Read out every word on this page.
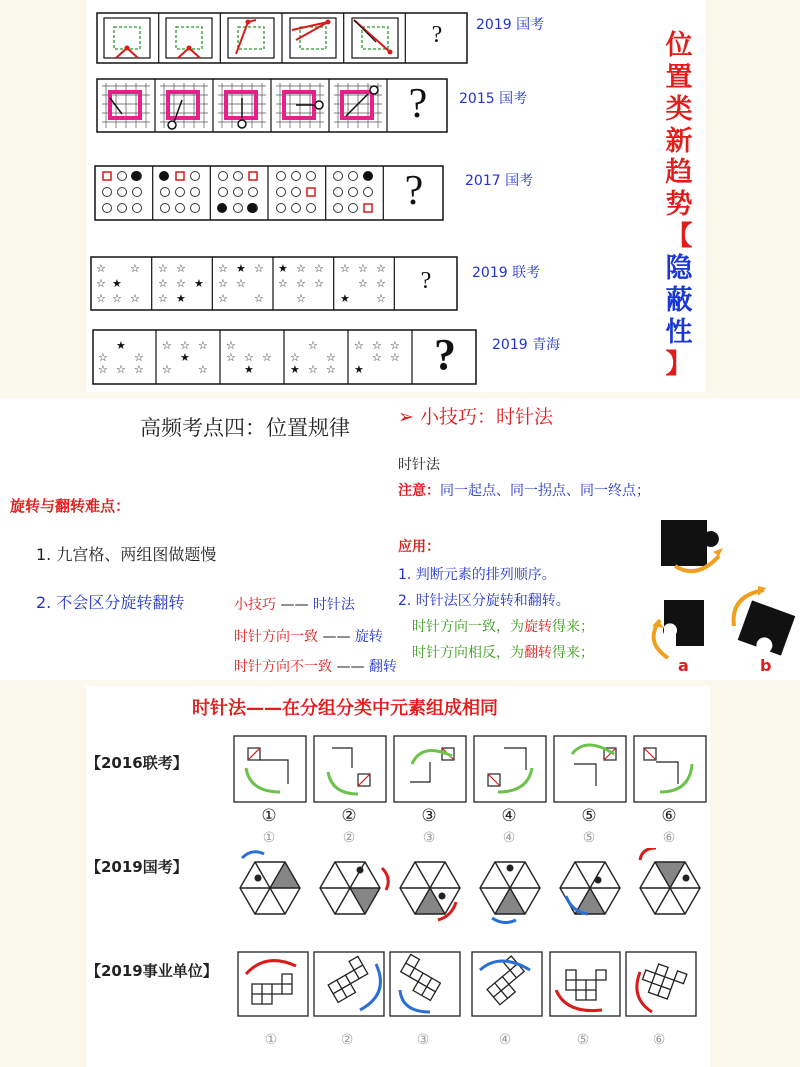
?	2019 国考
?	2015 国考
?	2017 国考
☆ ☆
☆ ★
☆ ☆ ☆
☆ ☆
☆ ☆ ★
☆ ★
☆ ★ ☆
☆ ☆
☆ ☆
★ ☆ ☆
☆ ☆ ☆
☆
☆ ☆ ☆
☆ ☆
★ ☆
?	2019 联考
★
☆ ☆
☆ ☆ ☆
☆ ☆ ☆
★
☆ ☆
☆
☆ ☆ ☆
★
☆
☆ ☆
★ ☆ ☆
☆ ☆ ☆
☆ ☆
★	?	2019 青海
位置类新趋势
【
隐蔽性
】
高频考点四：位置规律
旋转与翻转难点：
1. 九宫格、两组图做题慢
2. 不会区分旋转翻转	小技巧 —— 时针法
时针方向一致 —— 旋转
时针方向不一致 —— 翻转
➢ 小技巧：时针法
时针法
注意：同一起点、同一拐点、同一终点；
应用：
1. 判断元素的排列顺序。
2. 时针法区分旋转和翻转。
时针方向一致，为旋转得来；
时针方向相反，为翻转得来；
a	b
时针法——在分组分类中元素组成相同
【2016联考】
【2019国考】
【2019事业单位】
①	②	③	④	⑤	⑥
①	②	③	④	⑤	⑥
①	②	③	④	⑤	⑥
